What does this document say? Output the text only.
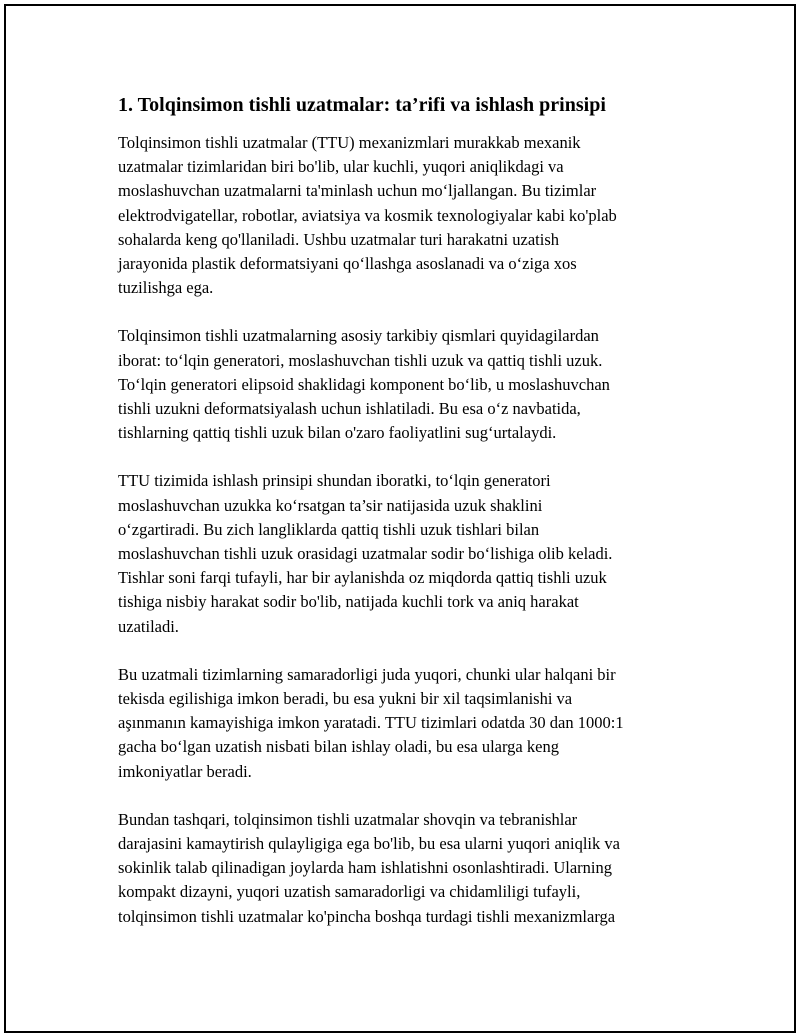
1. Tolqinsimon tishli uzatmalar: ta’rifi va ishlash prinsipi

Tolqinsimon tishli uzatmalar (TTU) mexanizmlari murakkab mexanik
uzatmalar tizimlaridan biri bo'lib, ular kuchli, yuqori aniqlikdagi va
moslashuvchan uzatmalarni ta'minlash uchun mo‘ljallangan. Bu tizimlar
elektrodvigatellar, robotlar, aviatsiya va kosmik texnologiyalar kabi ko'plab
sohalarda keng qo'llaniladi. Ushbu uzatmalar turi harakatni uzatish
jarayonida plastik deformatsiyani qo‘llashga asoslanadi va o‘ziga xos
tuzilishga ega.

Tolqinsimon tishli uzatmalarning asosiy tarkibiy qismlari quyidagilardan
iborat: to‘lqin generatori, moslashuvchan tishli uzuk va qattiq tishli uzuk.
To‘lqin generatori elipsoid shaklidagi komponent bo‘lib, u moslashuvchan
tishli uzukni deformatsiyalash uchun ishlatiladi. Bu esa o‘z navbatida,
tishlarning qattiq tishli uzuk bilan o'zaro faoliyatlini sug‘urtalaydi.

TTU tizimida ishlash prinsipi shundan iboratki, to‘lqin generatori
moslashuvchan uzukka ko‘rsatgan ta’sir natijasida uzuk shaklini
o‘zgartiradi. Bu zich langliklarda qattiq tishli uzuk tishlari bilan
moslashuvchan tishli uzuk orasidagi uzatmalar sodir bo‘lishiga olib keladi.
Tishlar soni farqi tufayli, har bir aylanishda oz miqdorda qattiq tishli uzuk
tishiga nisbiy harakat sodir bo'lib, natijada kuchli tork va aniq harakat
uzatiladi.

Bu uzatmali tizimlarning samaradorligi juda yuqori, chunki ular halqani bir
tekisda egilishiga imkon beradi, bu esa yukni bir xil taqsimlanishi va
aşınmanın kamayishiga imkon yaratadi. TTU tizimlari odatda 30 dan 1000:1
gacha bo‘lgan uzatish nisbati bilan ishlay oladi, bu esa ularga keng
imkoniyatlar beradi.

Bundan tashqari, tolqinsimon tishli uzatmalar shovqin va tebranishlar
darajasini kamaytirish qulayligiga ega bo'lib, bu esa ularni yuqori aniqlik va
sokinlik talab qilinadigan joylarda ham ishlatishni osonlashtiradi. Ularning
kompakt dizayni, yuqori uzatish samaradorligi va chidamliligi tufayli,
tolqinsimon tishli uzatmalar ko'pincha boshqa turdagi tishli mexanizmlarga
